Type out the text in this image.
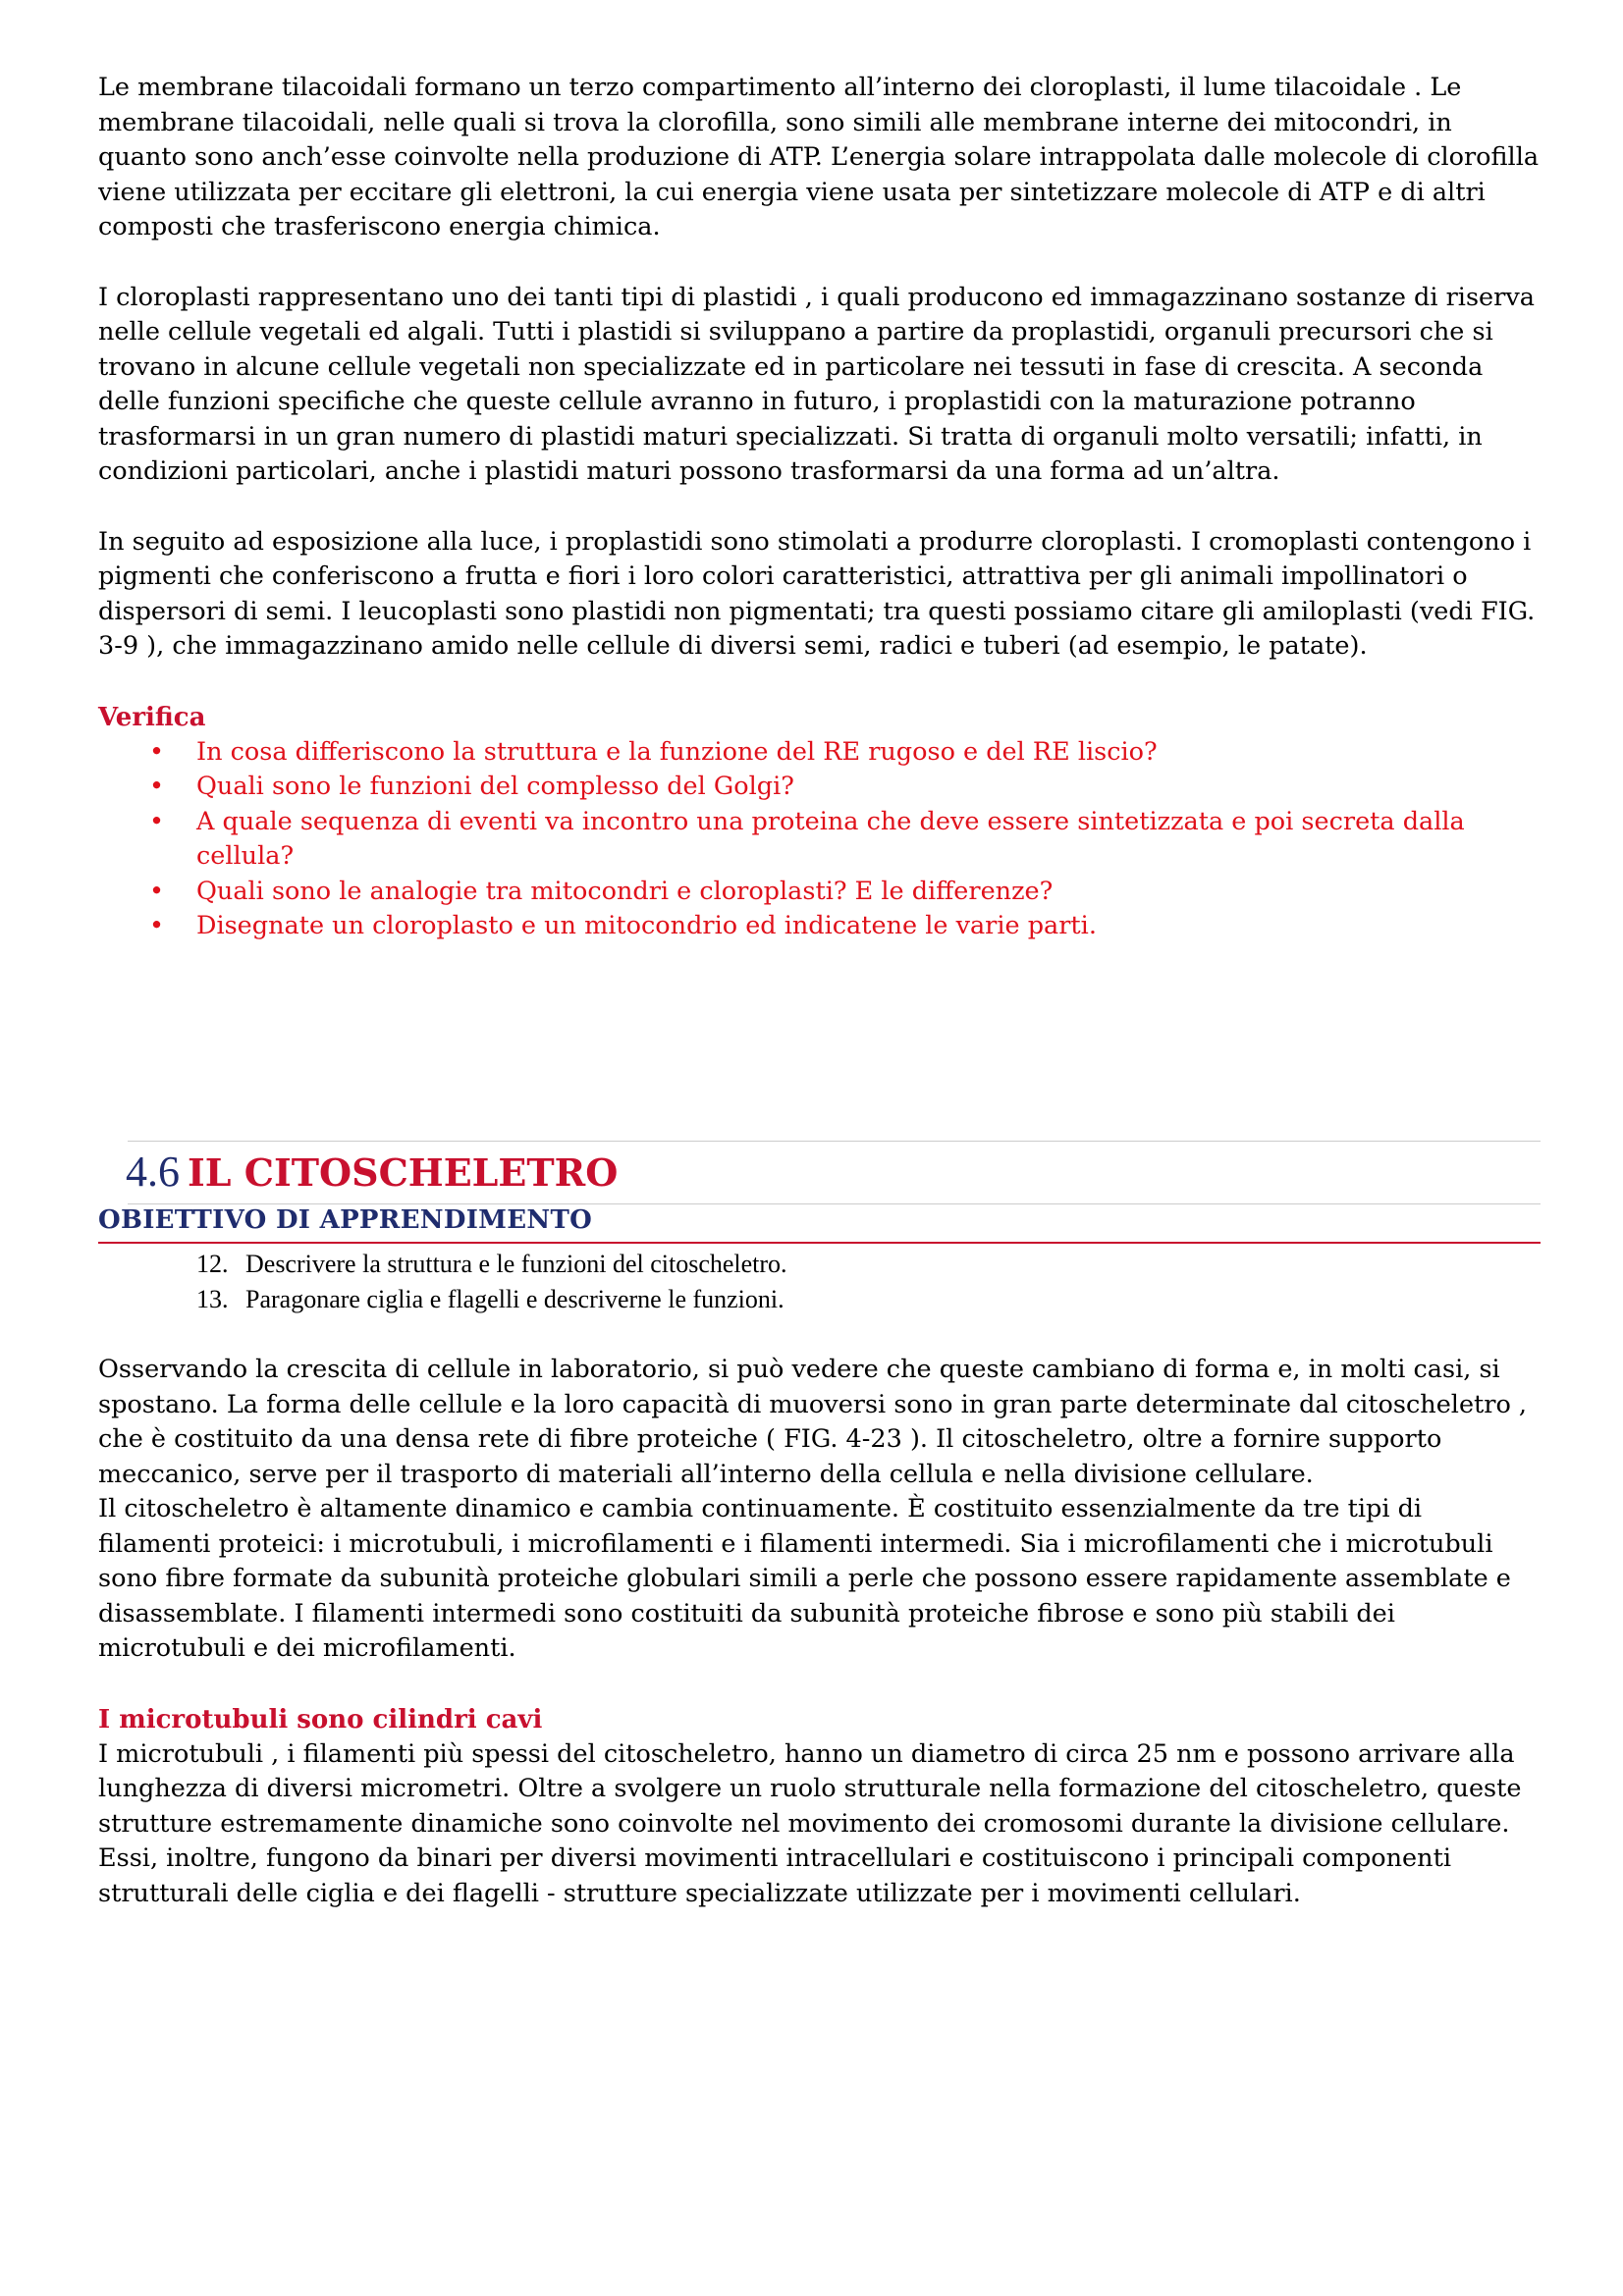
Le membrane tilacoidali formano un terzo compartimento all’interno dei cloroplasti, il lume tilacoidale . Le membrane tilacoidali, nelle quali si trova la clorofilla, sono simili alle membrane interne dei mitocondri, in quanto sono anch’esse coinvolte nella produzione di ATP. L’energia solare intrappolata dalle molecole di clorofilla viene utilizzata per eccitare gli elettroni, la cui energia viene usata per sintetizzare molecole di ATP e di altri composti che trasferiscono energia chimica.

I cloroplasti rappresentano uno dei tanti tipi di plastidi , i quali producono ed immagazzinano sostanze di riserva nelle cellule vegetali ed algali. Tutti i plastidi si sviluppano a partire da proplastidi, organuli precursori che si trovano in alcune cellule vegetali non specializzate ed in particolare nei tessuti in fase di crescita. A seconda delle funzioni specifiche che queste cellule avranno in futuro, i proplastidi con la maturazione potranno trasformarsi in un gran numero di plastidi maturi specializzati. Si tratta di organuli molto versatili; infatti, in condizioni particolari, anche i plastidi maturi possono trasformarsi da una forma ad un’altra.

In seguito ad esposizione alla luce, i proplastidi sono stimolati a produrre cloroplasti. I cromoplasti contengono i pigmenti che conferiscono a frutta e fiori i loro colori caratteristici, attrattiva per gli animali impollinatori o dispersori di semi. I leucoplasti sono plastidi non pigmentati; tra questi possiamo citare gli amiloplasti (vedi FIG. 3-9 ), che immagazzinano amido nelle cellule di diversi semi, radici e tuberi (ad esempio, le patate).

Verifica

• In cosa differiscono la struttura e la funzione del RE rugoso e del RE liscio?
• Quali sono le funzioni del complesso del Golgi?
• A quale sequenza di eventi va incontro una proteina che deve essere sintetizzata e poi secreta dalla cellula?
• Quali sono le analogie tra mitocondri e cloroplasti? E le differenze?
• Disegnate un cloroplasto e un mitocondrio ed indicatene le varie parti.
4.6 IL CITOSCHELETRO
OBIETTIVO DI APPRENDIMENTO
12. Descrivere la struttura e le funzioni del citoscheletro.
13. Paragonare ciglia e flagelli e descriverne le funzioni.

Osservando la crescita di cellule in laboratorio, si può vedere che queste cambiano di forma e, in molti casi, si spostano. La forma delle cellule e la loro capacità di muoversi sono in gran parte determinate dal citoscheletro , che è costituito da una densa rete di fibre proteiche ( FIG. 4-23 ). Il citoscheletro, oltre a fornire supporto meccanico, serve per il trasporto di materiali all’interno della cellula e nella divisione cellulare.

Il citoscheletro è altamente dinamico e cambia continuamente. È costituito essenzialmente da tre tipi di filamenti proteici: i microtubuli, i microfilamenti e i filamenti intermedi. Sia i microfilamenti che i microtubuli sono fibre formate da subunità proteiche globulari simili a perle che possono essere rapidamente assemblate e disassemblate. I filamenti intermedi sono costituiti da subunità proteiche fibrose e sono più stabili dei microtubuli e dei microfilamenti.

I microtubuli sono cilindri cavi

I microtubuli , i filamenti più spessi del citoscheletro, hanno un diametro di circa 25 nm e possono arrivare alla lunghezza di diversi micrometri. Oltre a svolgere un ruolo strutturale nella formazione del citoscheletro, queste strutture estremamente dinamiche sono coinvolte nel movimento dei cromosomi durante la divisione cellulare. Essi, inoltre, fungono da binari per diversi movimenti intracellulari e costituiscono i principali componenti strutturali delle ciglia e dei flagelli - strutture specializzate utilizzate per i movimenti cellulari.
